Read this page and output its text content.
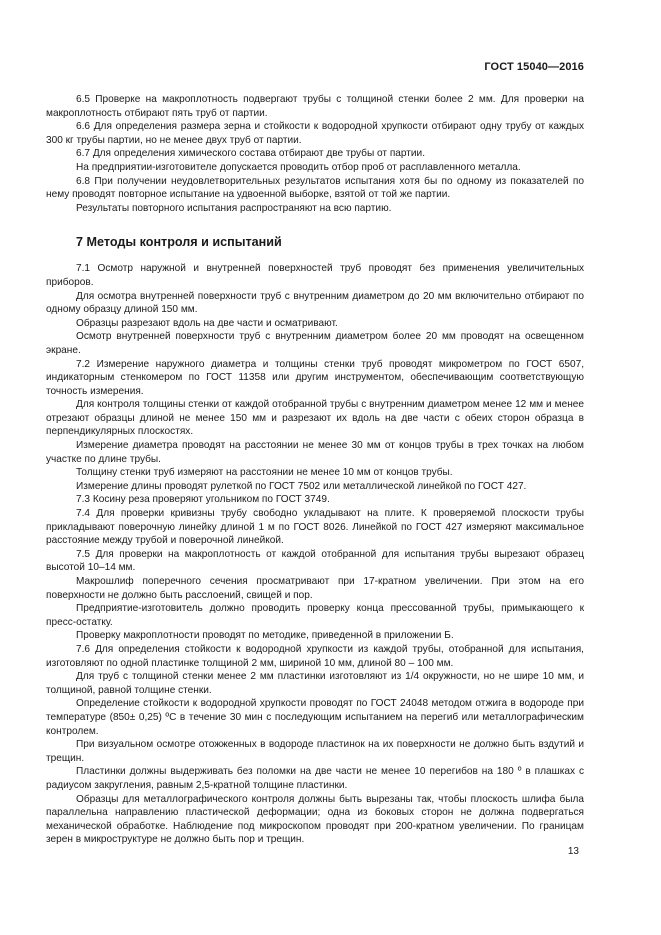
ГОСТ 15040—2016

6.5 Проверке на макроплотность подвергают трубы с толщиной стенки более 2 мм. Для проверки на макроплотность отбирают пять труб от партии.

6.6 Для определения размера зерна и стойкости к водородной хрупкости отбирают одну трубу от каждых 300 кг трубы партии, но не менее двух труб от партии.

6.7 Для определения химического состава отбирают две трубы от партии.

На предприятии-изготовителе допускается проводить отбор проб от расплавленного металла.

6.8 При получении неудовлетворительных результатов испытания хотя бы по одному из показателей по нему проводят повторное испытание на удвоенной выборке, взятой от той же партии.

Результаты повторного испытания распространяют на всю партию.

7 Методы контроля и испытаний

7.1 Осмотр наружной и внутренней поверхностей труб проводят без применения увеличительных приборов.

Для осмотра внутренней поверхности труб с внутренним диаметром до 20 мм включительно отбирают по одному образцу длиной 150 мм.

Образцы разрезают вдоль на две части и осматривают.

Осмотр внутренней поверхности труб с внутренним диаметром более 20 мм проводят на освещенном экране.

7.2 Измерение наружного диаметра и толщины стенки труб проводят микрометром по ГОСТ 6507, индикаторным стенкомером по ГОСТ 11358 или другим инструментом, обеспечивающим соответствующую точность измерения.

Для контроля толщины стенки от каждой отобранной трубы с внутренним диаметром менее 12 мм и менее отрезают образцы длиной не менее 150 мм и разрезают их вдоль на две части с обеих сторон образца в перпендикулярных плоскостях.

Измерение диаметра проводят на расстоянии не менее 30 мм от концов трубы в трех точках на любом участке по длине трубы.

Толщину стенки труб измеряют на расстоянии не менее 10 мм от концов трубы.

Измерение длины проводят рулеткой по ГОСТ 7502 или металлической линейкой по ГОСТ 427.

7.3 Косину реза проверяют угольником по ГОСТ 3749.

7.4 Для проверки кривизны трубу свободно укладывают на плите. К проверяемой плоскости трубы прикладывают поверочную линейку длиной 1 м по ГОСТ 8026. Линейкой по ГОСТ 427 измеряют максимальное расстояние между трубой и поверочной линейкой.

7.5 Для проверки на макроплотность от каждой отобранной для испытания трубы вырезают образец высотой 10–14 мм.

Макрошлиф поперечного сечения просматривают при 17-кратном увеличении. При этом на его поверхности не должно быть расслоений, свищей и пор.

Предприятие-изготовитель должно проводить проверку конца прессованной трубы, примыкающего к пресс-остатку.

Проверку макроплотности проводят по методике, приведенной в приложении Б.

7.6 Для определения стойкости к водородной хрупкости из каждой трубы, отобранной для испытания, изготовляют по одной пластинке толщиной 2 мм, шириной 10 мм, длиной 80 – 100 мм.

Для труб с толщиной стенки менее 2 мм пластинки изготовляют из 1/4 окружности, но не шире 10 мм, и толщиной, равной толщине стенки.

Определение стойкости к водородной хрупкости проводят по ГОСТ 24048 методом отжига в водороде при температуре (850± 0,25) ºС в течение 30 мин с последующим испытанием на перегиб или металлографическим контролем.

При визуальном осмотре отожженных в водороде пластинок на их поверхности не должно быть вздутий и трещин.

Пластинки должны выдерживать без поломки на две части не менее 10 перегибов на 180 º в плашках с радиусом закругления, равным 2,5-кратной толщине пластинки.

Образцы для металлографического контроля должны быть вырезаны так, чтобы плоскость шлифа была параллельна направлению пластической деформации; одна из боковых сторон не должна подвергаться механической обработке. Наблюдение под микроскопом проводят при 200-кратном увеличении. По границам зерен в микроструктуре не должно быть пор и трещин.

13
